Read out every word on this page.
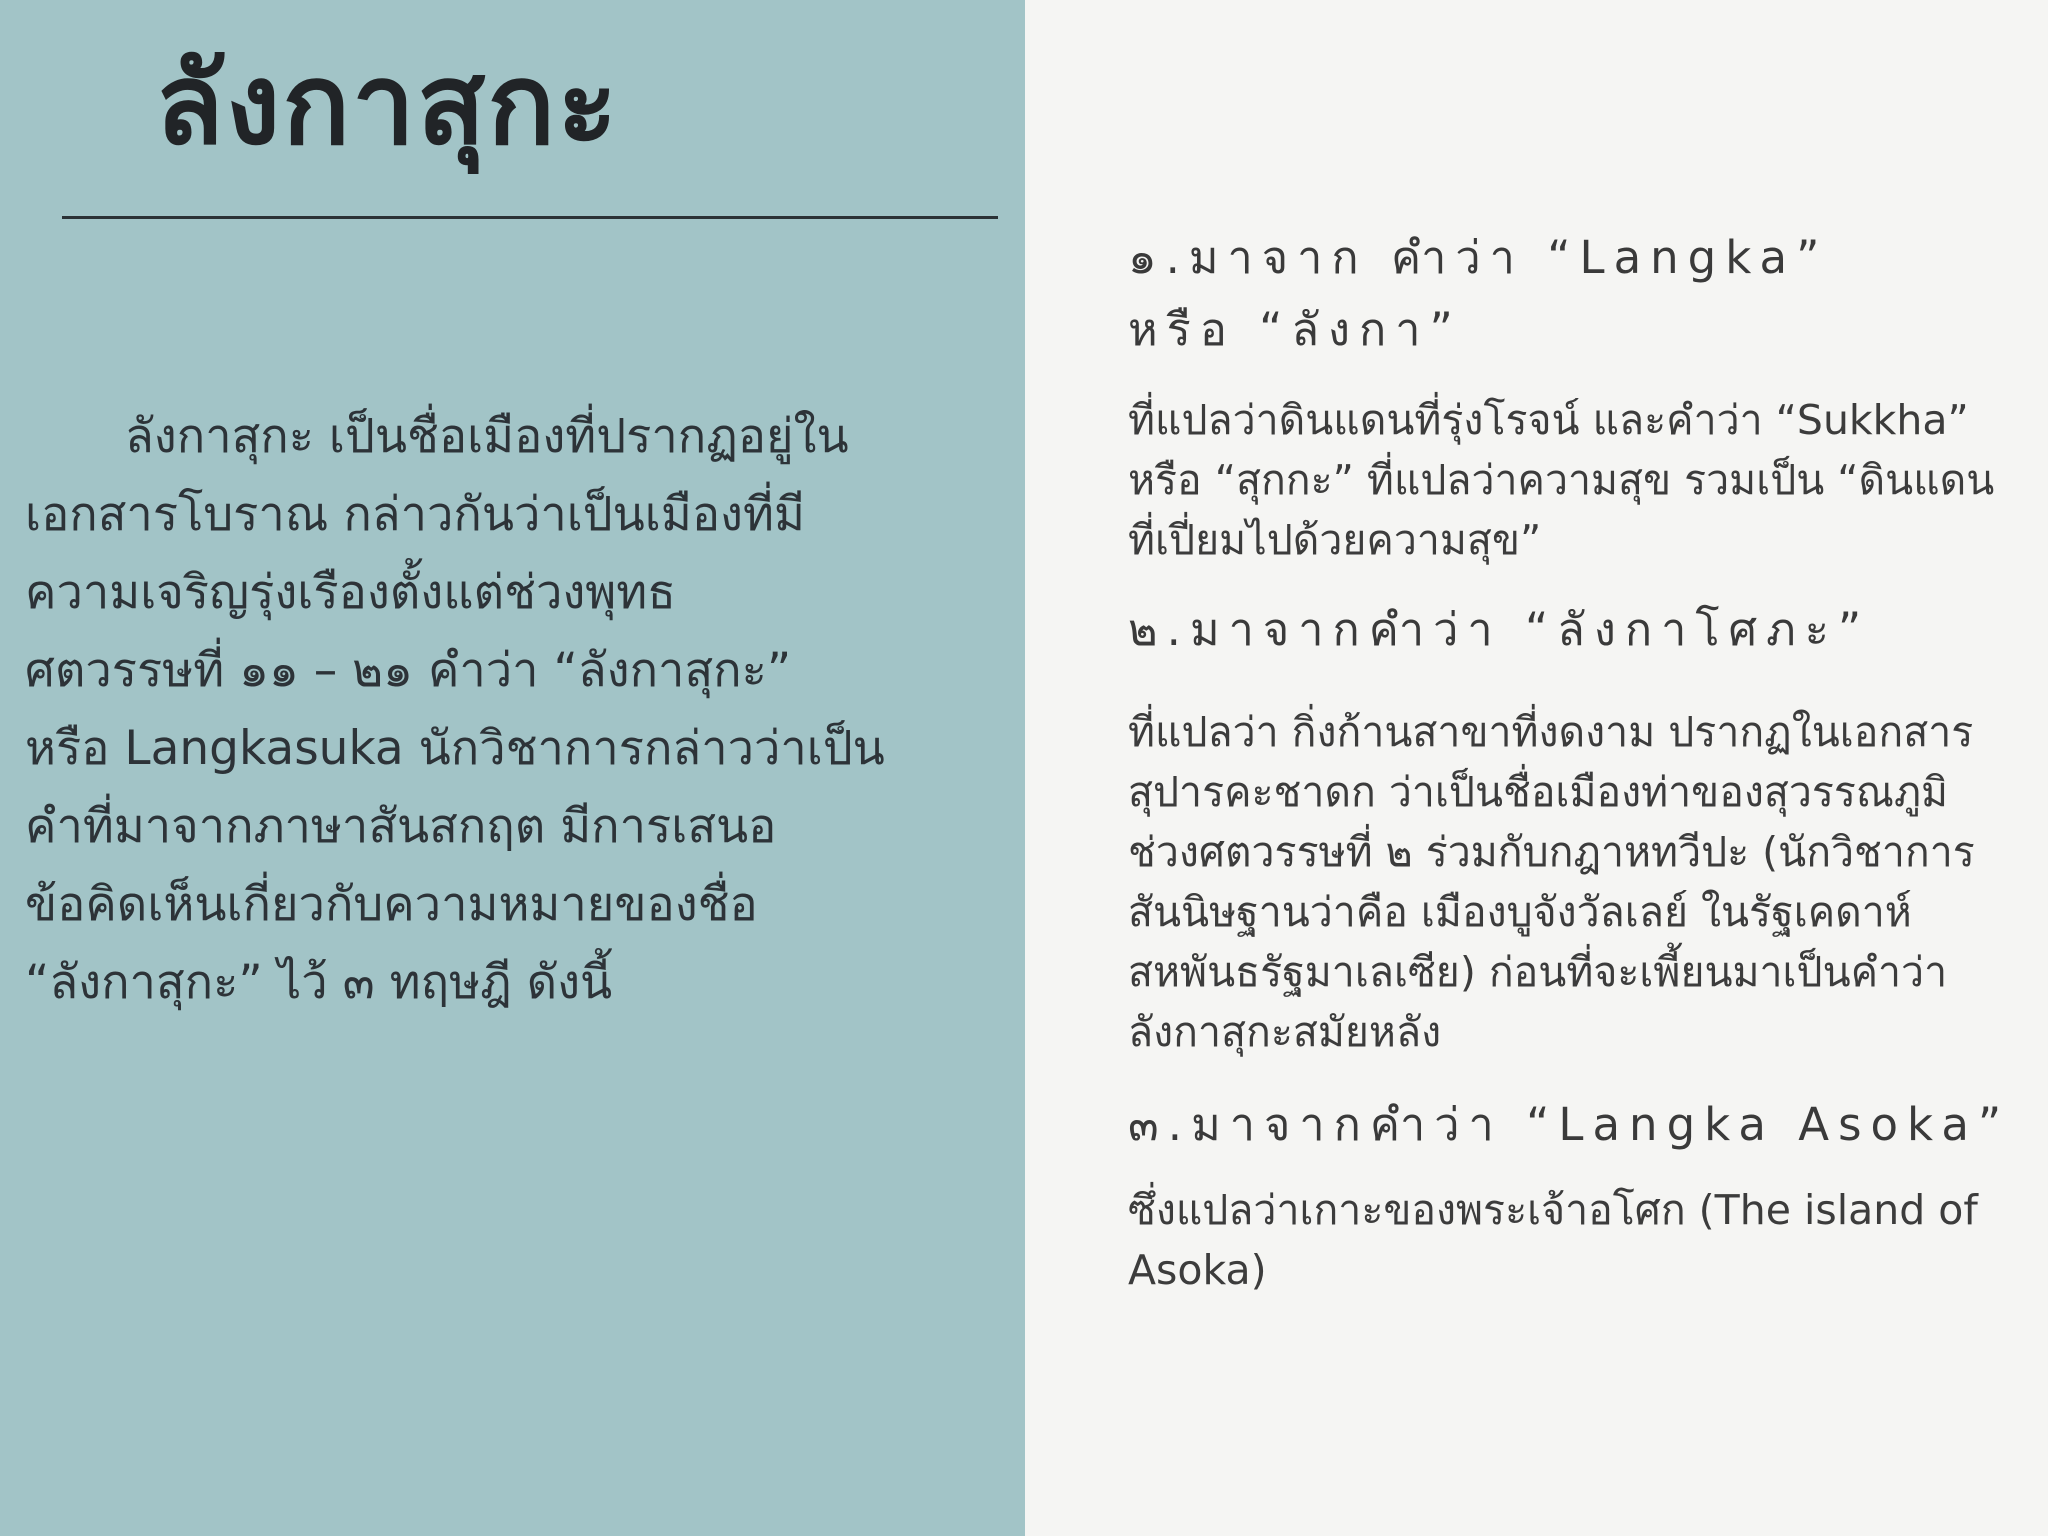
ลังกาสุกะ
ลังกาสุกะ เป็นชื่อเมืองที่ปรากฏอยู่ใน
เอกสารโบราณ กล่าวกันว่าเป็นเมืองที่มี
ความเจริญรุ่งเรืองตั้งแต่ช่วงพุทธ
ศตวรรษที่ ๑๑ – ๒๑ คำว่า “ลังกาสุกะ”
หรือ Langkasuka นักวิชาการกล่าวว่าเป็น
คำที่มาจากภาษาสันสกฤต มีการเสนอ
ข้อคิดเห็นเกี่ยวกับความหมายของชื่อ
“ลังกาสุกะ” ไว้ ๓ ทฤษฎี ดังนี้
๑.มาจาก คำว่า “Langka”
หรือ “ลังกา”
ที่แปลว่าดินแดนที่รุ่งโรจน์ และคำว่า “Sukkha”
หรือ “สุกกะ” ที่แปลว่าความสุข รวมเป็น “ดินแดน
ที่เปี่ยมไปด้วยความสุข”
๒.มาจากคำว่า “ลังกาโศภะ”
ที่แปลว่า กิ่งก้านสาขาที่งดงาม ปรากฏในเอกสาร
สุปารคะชาดก ว่าเป็นชื่อเมืองท่าของสุวรรณภูมิ
ช่วงศตวรรษที่ ๒ ร่วมกับกฎาหทวีปะ (นักวิชาการ
สันนิษฐานว่าคือ เมืองบูจังวัลเลย์ ในรัฐเคดาห์
สหพันธรัฐมาเลเซีย) ก่อนที่จะเพี้ยนมาเป็นคำว่า
ลังกาสุกะสมัยหลัง
๓.มาจากคำว่า “Langka Asoka”
ซึ่งแปลว่าเกาะของพระเจ้าอโศก (The island of
Asoka)
